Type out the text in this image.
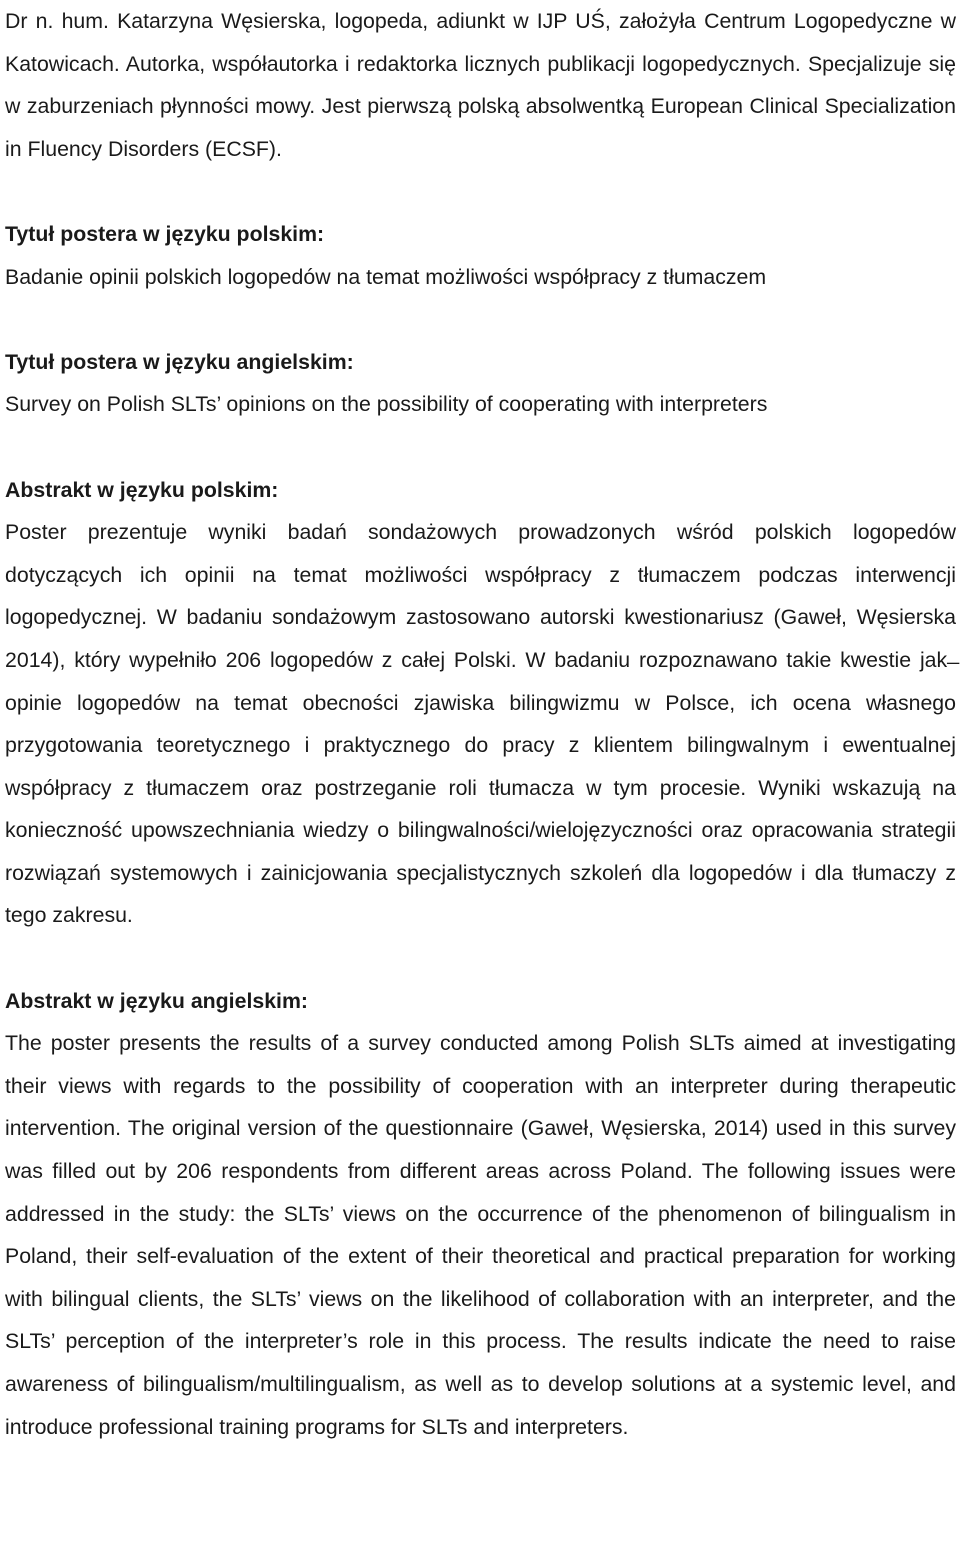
Dr n. hum. Katarzyna Węsierska, logopeda, adiunkt w IJP UŚ, założyła Centrum Logopedyczne w Katowicach. Autorka, współautorka i redaktorka licznych publikacji logopedycznych. Specjalizuje się w zaburzeniach płynności mowy. Jest pierwszą polską absolwentką European Clinical Specialization in Fluency Disorders (ECSF).

Tytuł postera w języku polskim:

Badanie opinii polskich logopedów na temat możliwości współpracy z tłumaczem

Tytuł postera w języku angielskim:

Survey on Polish SLTs’ opinions on the possibility of cooperating with interpreters

Abstrakt w języku polskim:

Poster prezentuje wyniki badań sondażowych prowadzonych wśród polskich logopedów dotyczących ich opinii na temat możliwości współpracy z tłumaczem podczas interwencji logopedycznej. W badaniu sondażowym zastosowano autorski kwestionariusz (Gaweł, Węsierska 2014), który wypełniło 206 logopedów z całej Polski. W badaniu rozpoznawano takie kwestie jak ̶ opinie logopedów na temat obecności zjawiska bilingwizmu w Polsce, ich ocena własnego przygotowania teoretycznego i praktycznego do pracy z klientem bilingwalnym i ewentualnej współpracy z tłumaczem oraz postrzeganie roli tłumacza w tym procesie. Wyniki wskazują na konieczność upowszechniania wiedzy o bilingwalności/wielojęzyczności oraz opracowania strategii rozwiązań systemowych i zainicjowania specjalistycznych szkoleń dla logopedów i dla tłumaczy z tego zakresu.

Abstrakt w języku angielskim:

The poster presents the results of a survey conducted among Polish SLTs aimed at investigating their views with regards to the possibility of cooperation with an interpreter during therapeutic intervention. The original version of the questionnaire (Gaweł, Węsierska, 2014) used in this survey was filled out by 206 respondents from different areas across Poland. The following issues were addressed in the study: the SLTs’ views on the occurrence of the phenomenon of bilingualism in Poland, their self-evaluation of the extent of their theoretical and practical preparation for working with bilingual clients, the SLTs’ views on the likelihood of collaboration with an interpreter, and the SLTs’ perception of the interpreter’s role in this process. The results indicate the need to raise awareness of bilingualism/multilingualism, as well as to develop solutions at a systemic level, and introduce professional training programs for SLTs and interpreters.
